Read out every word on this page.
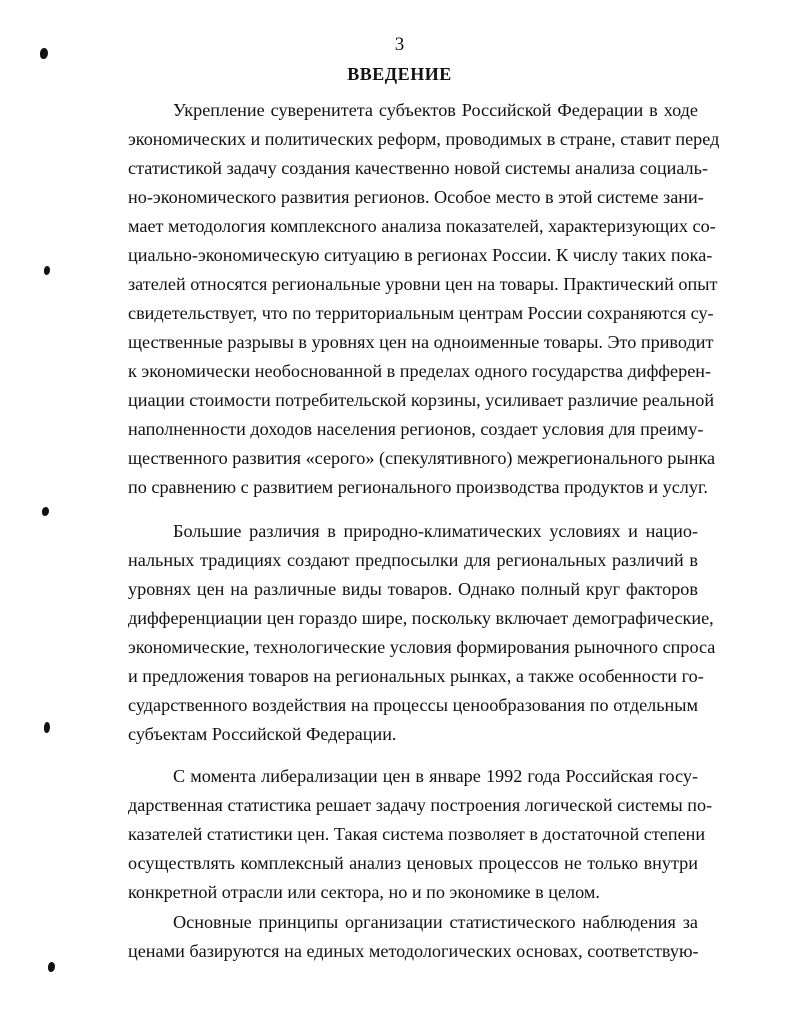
3
ВВЕДЕНИЕ
Укрепление суверенитета субъектов Российской Федерации в ходе
экономических и политических реформ, проводимых в стране, ставит перед
статистикой задачу создания качественно новой системы анализа социаль-
но-экономического развития регионов. Особое место в этой системе зани-
мает методология комплексного анализа показателей, характеризующих со-
циально-экономическую ситуацию в регионах России. К числу таких пока-
зателей относятся региональные уровни цен на товары. Практический опыт
свидетельствует, что по территориальным центрам России сохраняются су-
щественные разрывы в уровнях цен на одноименные товары. Это приводит
к экономически необоснованной в пределах одного государства дифферен-
циации стоимости потребительской корзины, усиливает различие реальной
наполненности доходов населения регионов, создает условия для преиму-
щественного развития «серого» (спекулятивного) межрегионального рынка
по сравнению с развитием регионального производства продуктов и услуг.
Большие различия в природно-климатических условиях и нацио-
нальных традициях создают предпосылки для региональных различий в
уровнях цен на различные виды товаров. Однако полный круг факторов
дифференциации цен гораздо шире, поскольку включает демографические,
экономические, технологические условия формирования рыночного спроса
и предложения товаров на региональных рынках, а также особенности го-
сударственного воздействия на процессы ценообразования по отдельным
субъектам Российской Федерации.
С момента либерализации цен в январе 1992 года Российская госу-
дарственная статистика решает задачу построения логической системы по-
казателей статистики цен. Такая система позволяет в достаточной степени
осуществлять комплексный анализ ценовых процессов не только внутри
конкретной отрасли или сектора, но и по экономике в целом.
Основные принципы организации статистического наблюдения за
ценами базируются на единых методологических основах, соответствую-
